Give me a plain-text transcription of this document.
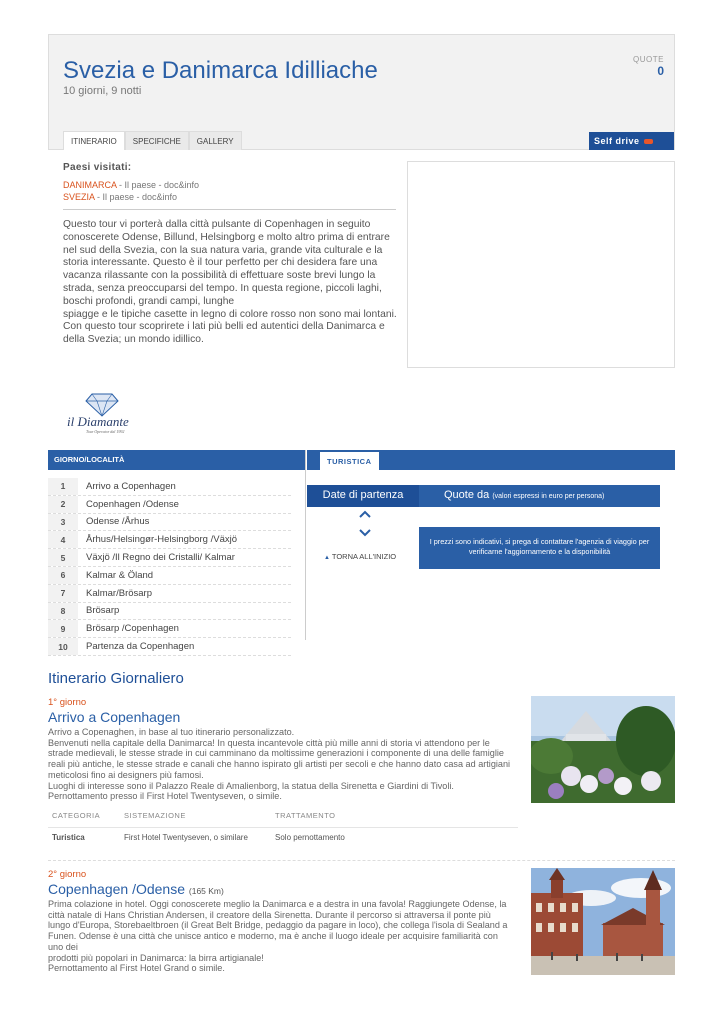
Svezia e Danimarca Idilliache
10 giorni, 9 notti
QUOTE
0
ITINERARIO	SPECIFICHE	GALLERY	Self drive
Paesi visitati:
DANIMARCA - Il paese - doc&info
SVEZIA - Il paese - doc&info

Questo tour vi porterà dalla città pulsante di Copenhagen in seguito conoscerete Odense, Billund, Helsingborg e molto altro prima di entrare nel sud della Svezia, con la sua natura varia, grande vita culturale e la storia interessante. Questo è il tour perfetto per chi desidera fare una vacanza rilassante con la possibilità di effettuare soste brevi lungo la strada, senza preoccuparsi del tempo. In questa regione, piccoli laghi, boschi profondi, grandi campi, lunghe

spiagge e le tipiche casette in legno di colore rosso non sono mai lontani.

Con questo tour scoprirete i lati più belli ed autentici della Danimarca e della Svezia; un mondo idillico.

il Diamante
Tour Operator dal 1992
GIORNO/LOCALITÀ
1	Arrivo a Copenhagen
2	Copenhagen /Odense
3	Odense /Århus
4	Århus/Helsingør-Helsingborg /Växjö
5	Växjö /Il Regno dei Cristalli/ Kalmar
6	Kalmar & Öland
7	Kalmar/Brösarp
8	Brösarp
9	Brösarp /Copenhagen
10	Partenza da Copenhagen
TURISTICA
Date di partenza	Quote da (valori espressi in euro per persona)
▲ TORNA ALL'INIZIO
I prezzi sono indicativi, si prega di contattare l'agenzia di viaggio per verificarne l'aggiornamento e la disponibilità
Itinerario Giornaliero
1° giorno
Arrivo a Copenhagen
Arrivo a Copenaghen, in base al tuo itinerario personalizzato.
Benvenuti nella capitale della Danimarca! In questa incantevole città più mille anni di storia vi attendono per le strade medievali, le stesse strade in cui camminano da moltissime generazioni i componente di una delle famiglie reali più antiche, le stesse strade e canali che hanno ispirato gli artisti per secoli e che hanno dato casa ad artigiani meticolosi fino ai designers più famosi.
Luoghi di interesse sono il Palazzo Reale di Amalienborg, la statua della Sirenetta e Giardini di Tivoli.
Pernottamento presso il First Hotel Twentyseven, o simile.
CATEGORIA	SISTEMAZIONE	TRATTAMENTO
Turistica	First Hotel Twentyseven, o similare	Solo pernottamento
2° giorno
Copenhagen /Odense (165 Km)
Prima colazione in hotel. Oggi conoscerete meglio la Danimarca e a destra in una favola! Raggiungete Odense, la città natale di Hans Christian Andersen, il creatore della Sirenetta. Durante il percorso si attraversa il ponte più lungo d'Europa, Storebaeltbroen (il Great Belt Bridge, pedaggio da pagare in loco), che collega l'isola di Sealand a Funen. Odense è una città che unisce antico e moderno, ma è anche il luogo ideale per acquisire familiarità con uno dei
prodotti più popolari in Danimarca: la birra artigianale!
Pernottamento al First Hotel Grand o simile.
